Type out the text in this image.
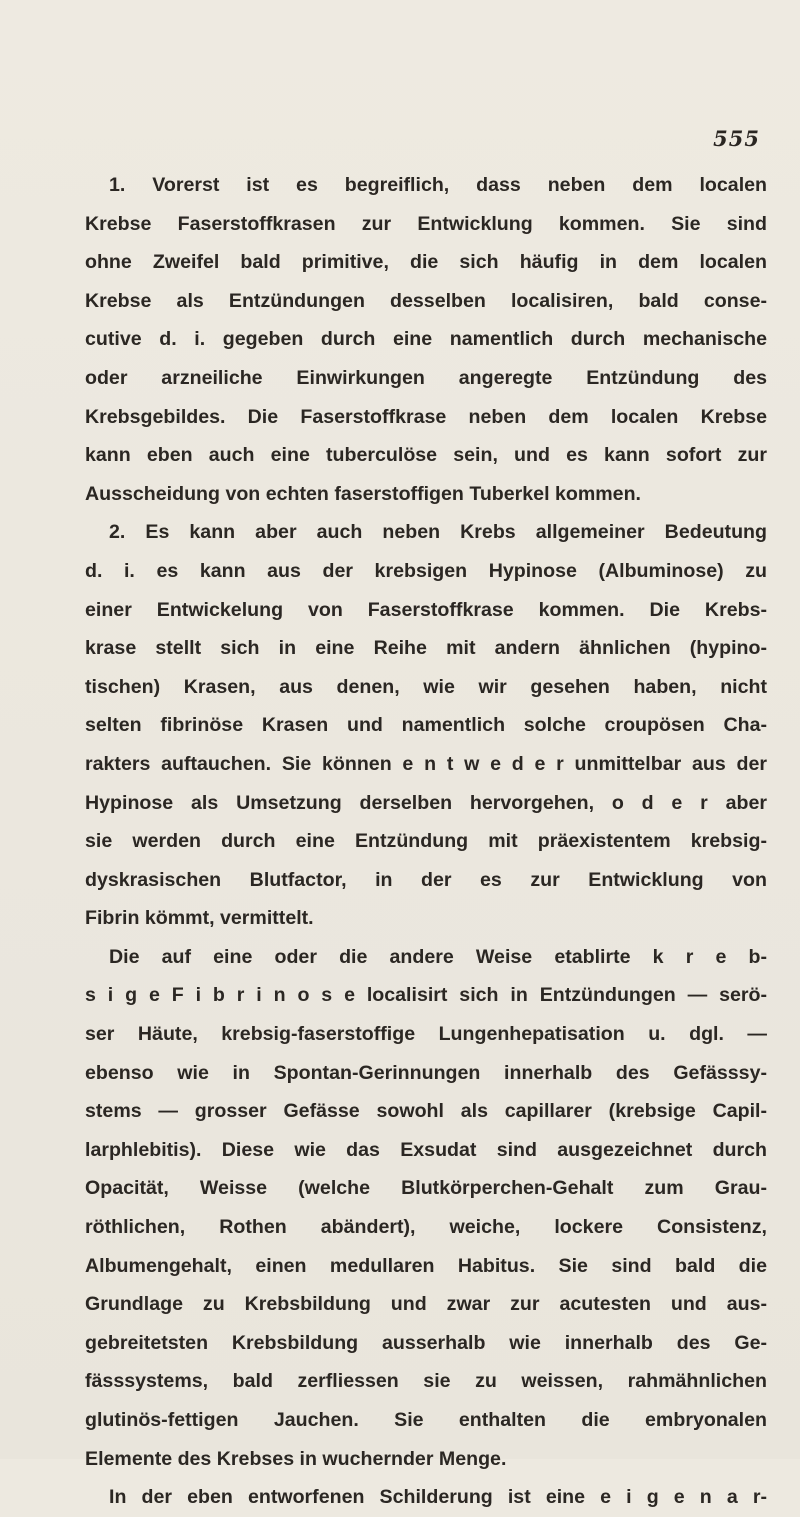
555
1. Vorerst ist es begreiflich, dass neben dem localen
Krebse Faserstoffkrasen zur Entwicklung kommen. Sie sind
ohne Zweifel bald primitive, die sich häufig in dem localen
Krebse als Entzündungen desselben localisiren, bald conse-
cutive d. i. gegeben durch eine namentlich durch mechanische
oder arzneiliche Einwirkungen angeregte Entzündung des
Krebsgebildes. Die Faserstoffkrase neben dem localen Krebse
kann eben auch eine tuberculöse sein, und es kann sofort zur
Ausscheidung von echten faserstoffigen Tuberkel kommen.
2. Es kann aber auch neben Krebs allgemeiner Bedeutung
d. i. es kann aus der krebsigen Hypinose (Albuminose) zu
einer Entwickelung von Faserstoffkrase kommen. Die Krebs-
krase stellt sich in eine Reihe mit andern ähnlichen (hypino-
tischen) Krasen, aus denen, wie wir gesehen haben, nicht
selten fibrinöse Krasen und namentlich solche croupösen Cha-
rakters auftauchen. Sie können e n t w e d e r unmittelbar aus der
Hypinose als Umsetzung derselben hervorgehen, o d e r aber
sie werden durch eine Entzündung mit präexistentem krebsig-
dyskrasischen Blutfactor, in der es zur Entwicklung von
Fibrin kömmt, vermittelt.
Die auf eine oder die andere Weise etablirte k r e b-
s i g e F i b r i n o s e localisirt sich in Entzündungen — serö-
ser Häute, krebsig-faserstoffige Lungenhepatisation u. dgl. —
ebenso wie in Spontan-Gerinnungen innerhalb des Gefässsy-
stems — grosser Gefässe sowohl als capillarer (krebsige Capil-
larphlebitis). Diese wie das Exsudat sind ausgezeichnet durch
Opacität, Weisse (welche Blutkörperchen-Gehalt zum Grau-
röthlichen, Rothen abändert), weiche, lockere Consistenz,
Albumengehalt, einen medullaren Habitus. Sie sind bald die
Grundlage zu Krebsbildung und zwar zur acutesten und aus-
gebreitetsten Krebsbildung ausserhalb wie innerhalb des Ge-
fässsystems, bald zerfliessen sie zu weissen, rahmähnlichen
glutinös-fettigen Jauchen. Sie enthalten die embryonalen
Elemente des Krebses in wuchernder Menge.
In der eben entworfenen Schilderung ist eine e i g e n a r-
